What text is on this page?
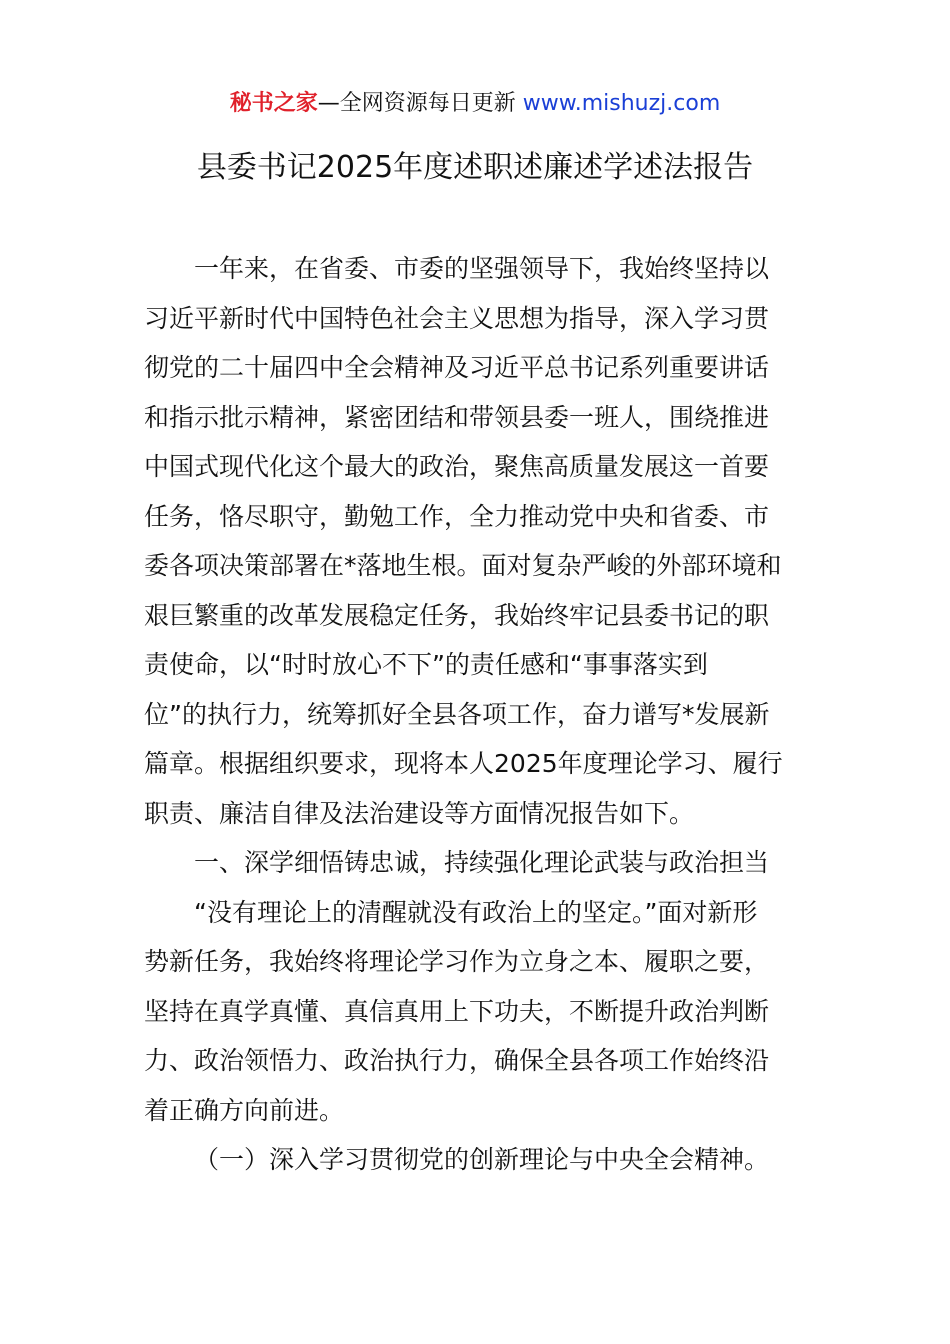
秘书之家—全网资源每日更新 www.mishuzj.com
县委书记2025年度述职述廉述学述法报告
一年来，在省委、市委的坚强领导下，我始终坚持以
习近平新时代中国特色社会主义思想为指导，深入学习贯
彻党的二十届四中全会精神及习近平总书记系列重要讲话
和指示批示精神，紧密团结和带领县委一班人，围绕推进
中国式现代化这个最大的政治，聚焦高质量发展这一首要
任务，恪尽职守，勤勉工作，全力推动党中央和省委、市
委各项决策部署在*落地生根。面对复杂严峻的外部环境和
艰巨繁重的改革发展稳定任务，我始终牢记县委书记的职
责使命，以“时时放心不下”的责任感和“事事落实到
位”的执行力，统筹抓好全县各项工作，奋力谱写*发展新
篇章。根据组织要求，现将本人2025年度理论学习、履行
职责、廉洁自律及法治建设等方面情况报告如下。
一、深学细悟铸忠诚，持续强化理论武装与政治担当
“没有理论上的清醒就没有政治上的坚定。”面对新形
势新任务，我始终将理论学习作为立身之本、履职之要，
坚持在真学真懂、真信真用上下功夫，不断提升政治判断
力、政治领悟力、政治执行力，确保全县各项工作始终沿
着正确方向前进。
（一）深入学习贯彻党的创新理论与中央全会精神。
